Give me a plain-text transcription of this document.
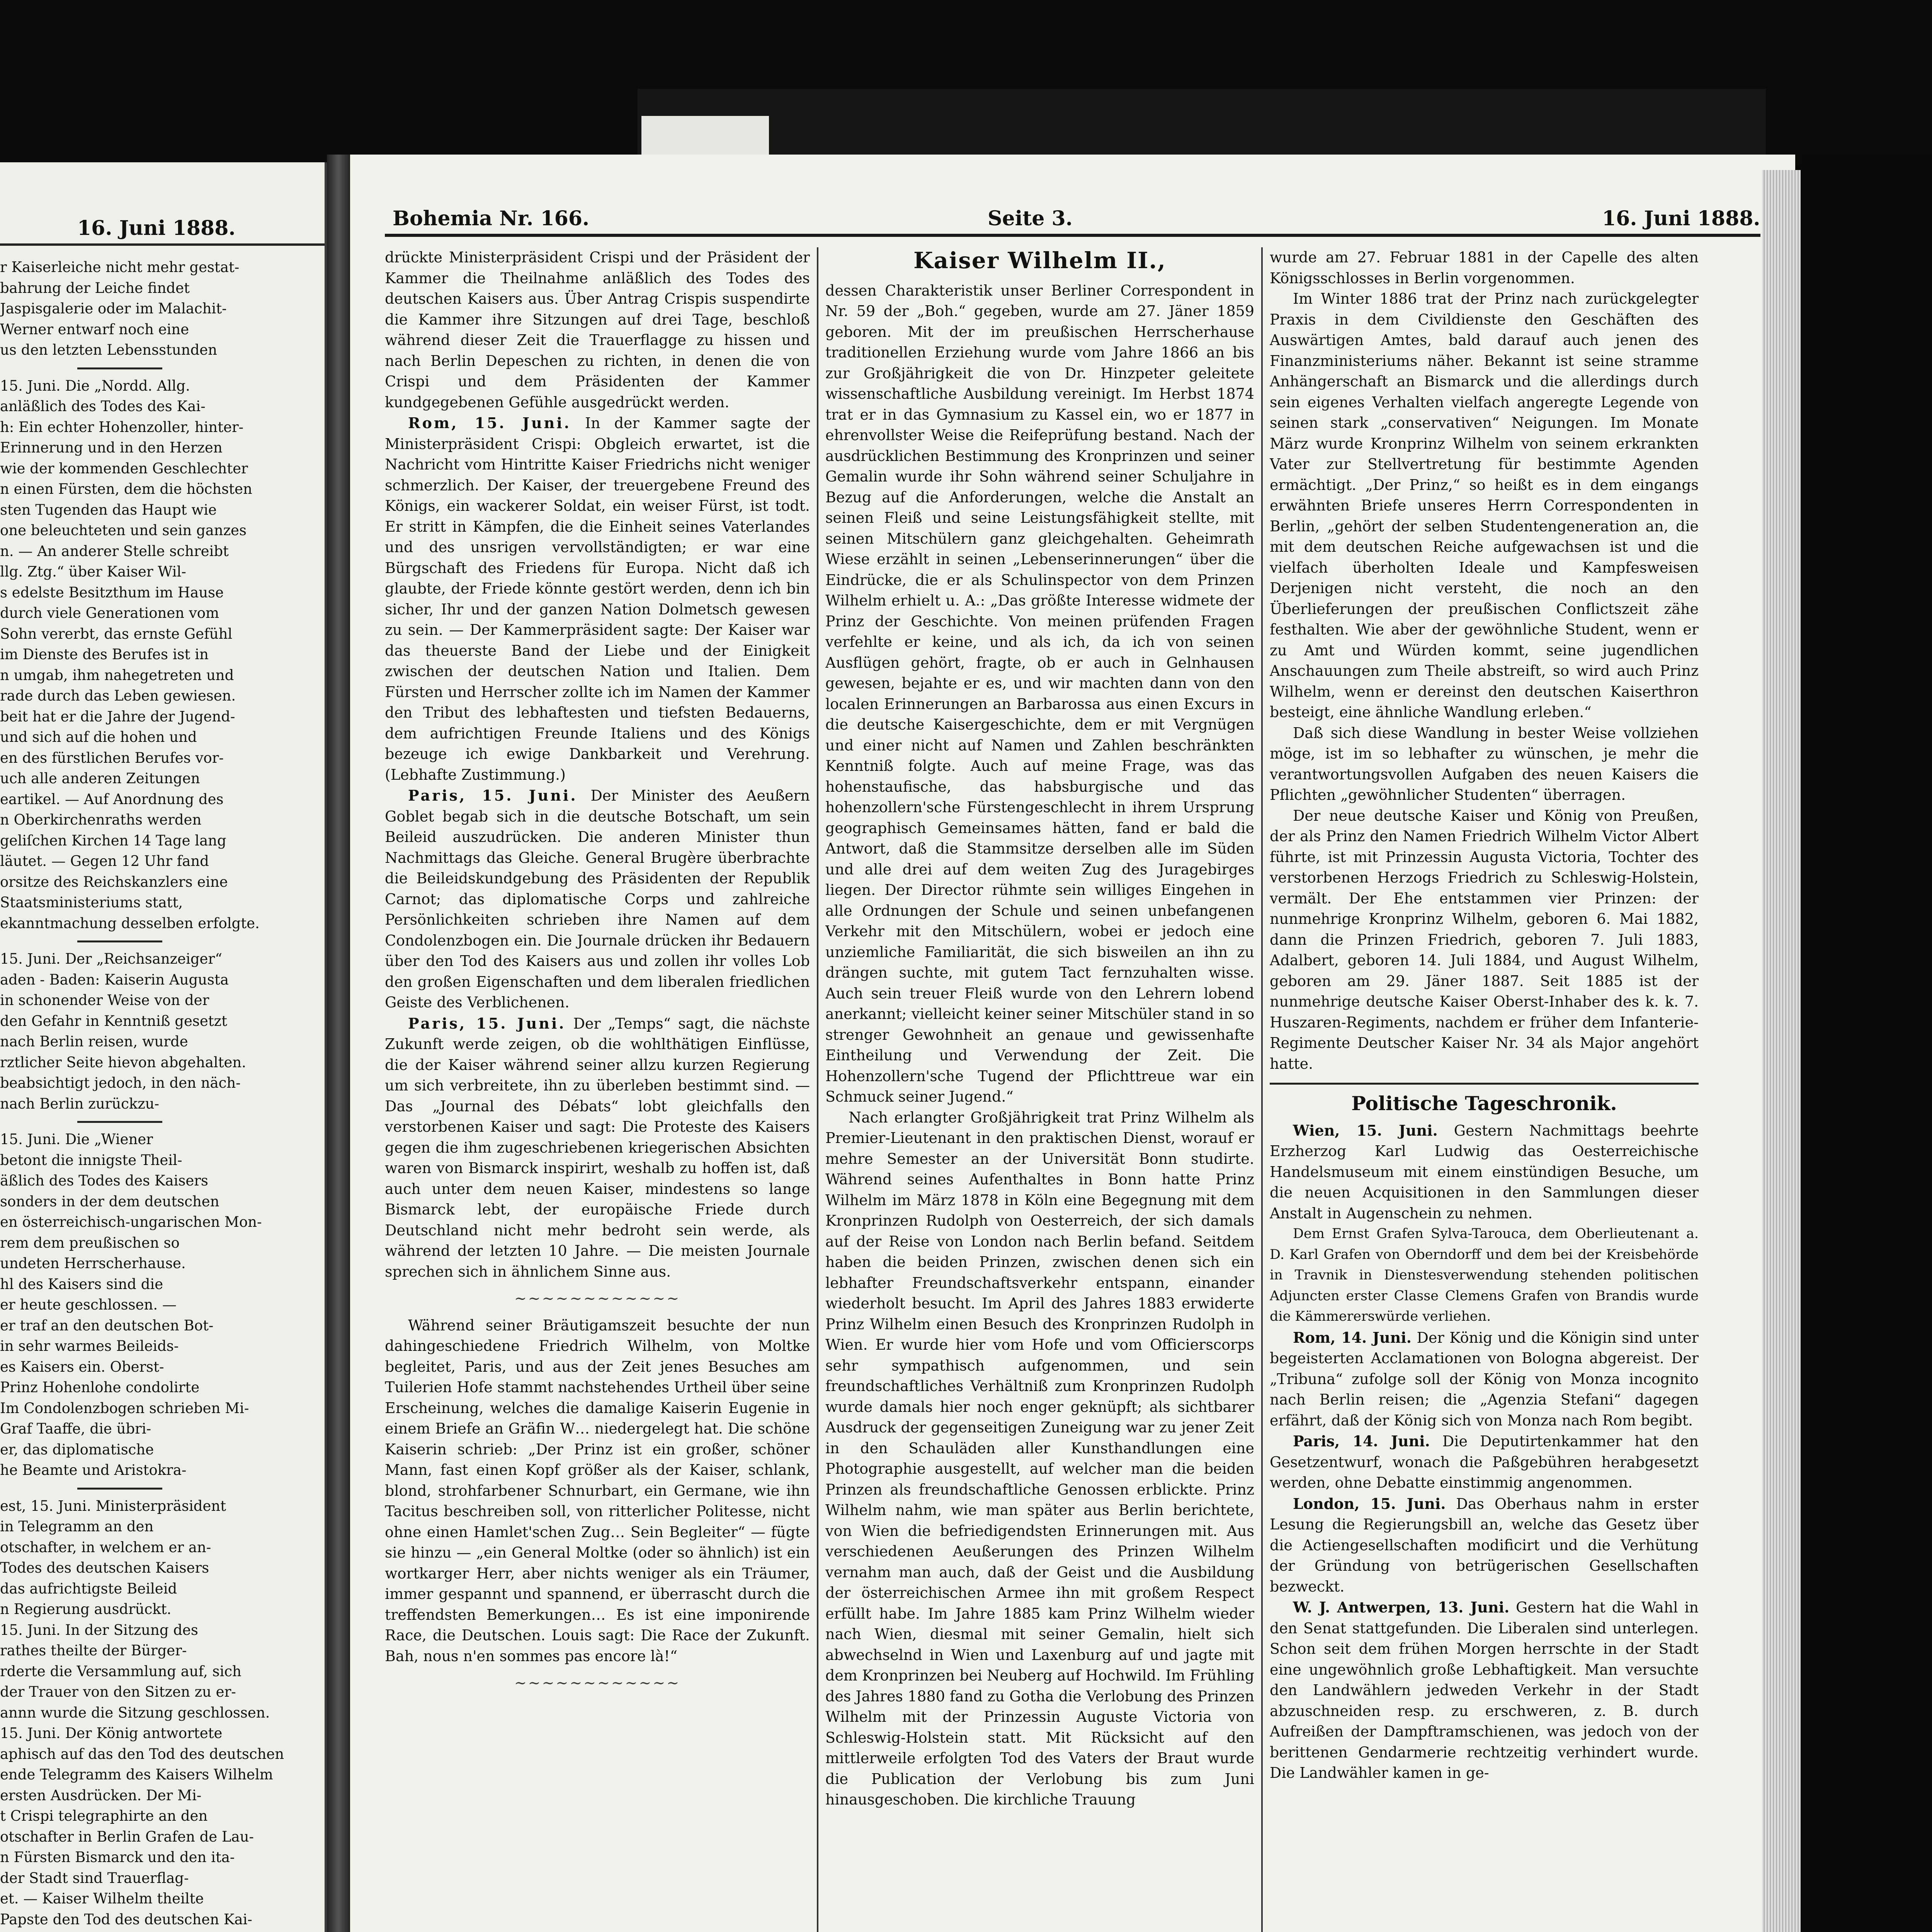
16. Juni 1888.
r Kaiserleiche nicht mehr gestat-
bahrung der Leiche findet
Jaspisgalerie oder im Malachit-
Werner entwarf noch eine
us den letzten Lebensstunden
15. Juni. Die „Nordd. Allg.
anläßlich des Todes des Kai-
h: Ein echter Hohenzoller, hinter-
Erinnerung und in den Herzen
wie der kommenden Geschlechter
n einen Fürsten, dem die höchsten
sten Tugenden das Haupt wie
one beleuchteten und sein ganzes
n. — An anderer Stelle schreibt
llg. Ztg.“ über Kaiser Wil-
s edelste Besitzthum im Hause
durch viele Generationen vom
Sohn vererbt, das ernste Gefühl
im Dienste des Berufes ist in
n umgab, ihm nahegetreten und
rade durch das Leben gewiesen.
beit hat er die Jahre der Jugend-
und sich auf die hohen und
en des fürstlichen Berufes vor-
uch alle anderen Zeitungen
eartikel. — Auf Anordnung des
n Oberkirchenraths werden
geliſchen Kirchen 14 Tage lang
läutet. — Gegen 12 Uhr fand
orsitze des Reichskanzlers eine
Staatsministeriums statt,
ekanntmachung desselben erfolgte.
15. Juni. Der „Reichsanzeiger“
aden - Baden: Kaiserin Augusta
in schonender Weise von der
den Gefahr in Kenntniß gesetzt
nach Berlin reisen, wurde
rztlicher Seite hievon abgehalten.
beabsichtigt jedoch, in den näch-
nach Berlin zurückzu-
15. Juni. Die „Wiener
betont die innigste Theil-
äßlich des Todes des Kaisers
sonders in der dem deutschen
en österreichisch-ungarischen Mon-
rem dem preußischen so
undeten Herrscherhause.
hl des Kaisers sind die
er heute geschlossen. —
er traf an den deutschen Bot-
in sehr warmes Beileids-
es Kaisers ein. Oberst-
Prinz Hohenlohe condolirte
Im Condolenzbogen schrieben Mi-
Graf Taaffe, die übri-
er, das diplomatische
he Beamte und Aristokra-
est, 15. Juni. Ministerpräsident
in Telegramm an den
otschafter, in welchem er an-
Todes des deutschen Kaisers
das aufrichtigste Beileid
n Regierung ausdrückt.
15. Juni. In der Sitzung des
rathes theilte der Bürger-
rderte die Versammlung auf, sich
der Trauer von den Sitzen zu er-
annn wurde die Sitzung geschlossen.
15. Juni. Der König antwortete
aphisch auf das den Tod des deutschen
ende Telegramm des Kaisers Wilhelm
ersten Ausdrücken. Der Mi-
t Crispi telegraphirte an den
otschafter in Berlin Grafen de Lau-
n Fürsten Bismarck und den ita-
der Stadt sind Trauerflag-
et. — Kaiser Wilhelm theilte
Papste den Tod des deutschen Kai-
Bohemia Nr. 166.	Seite 3.	16. Juni 1888.

drückte Ministerpräsident Crispi und der Präsident der Kammer die Theilnahme anläßlich des Todes des deutschen Kaisers aus. Über Antrag Crispis suspendirte die Kammer ihre Sitzungen auf drei Tage, beschloß während dieser Zeit die Trauerflagge zu hissen und nach Berlin Depeschen zu richten, in denen die von Crispi und dem Präsidenten der Kammer kundgegebenen Gefühle ausgedrückt werden.

Rom, 15. Juni. In der Kammer sagte der Ministerpräsident Crispi: Obgleich erwartet, ist die Nachricht vom Hintritte Kaiser Friedrichs nicht weniger schmerzlich. Der Kaiser, der treuergebene Freund des Königs, ein wackerer Soldat, ein weiser Fürst, ist todt. Er stritt in Kämpfen, die die Einheit seines Vaterlandes und des unsrigen vervollständigten; er war eine Bürgschaft des Friedens für Europa. Nicht daß ich glaubte, der Friede könnte gestört werden, denn ich bin sicher, Ihr und der ganzen Nation Dolmetsch gewesen zu sein. — Der Kammerpräsident sagte: Der Kaiser war das theuerste Band der Liebe und der Einigkeit zwischen der deutschen Nation und Italien. Dem Fürsten und Herrscher zollte ich im Namen der Kammer den Tribut des lebhaftesten und tiefsten Bedauerns, dem aufrichtigen Freunde Italiens und des Königs bezeuge ich ewige Dankbarkeit und Verehrung. (Lebhafte Zustimmung.)

Paris, 15. Juni. Der Minister des Aeußern Goblet begab sich in die deutsche Botschaft, um sein Beileid auszudrücken. Die anderen Minister thun Nachmittags das Gleiche. General Brugère überbrachte die Beileidskundgebung des Präsidenten der Republik Carnot; das diplomatische Corps und zahlreiche Persönlichkeiten schrieben ihre Namen auf dem Condolenzbogen ein. Die Journale drücken ihr Bedauern über den Tod des Kaisers aus und zollen ihr volles Lob den großen Eigenschaften und dem liberalen friedlichen Geiste des Verblichenen.

Paris, 15. Juni. Der „Temps“ sagt, die nächste Zukunft werde zeigen, ob die wohlthätigen Einflüsse, die der Kaiser während seiner allzu kurzen Regierung um sich verbreitete, ihn zu überleben bestimmt sind. — Das „Journal des Débats“ lobt gleichfalls den verstorbenen Kaiser und sagt: Die Proteste des Kaisers gegen die ihm zugeschriebenen kriegerischen Absichten waren von Bismarck inspirirt, weshalb zu hoffen ist, daß auch unter dem neuen Kaiser, mindestens so lange Bismarck lebt, der europäische Friede durch Deutschland nicht mehr bedroht sein werde, als während der letzten 10 Jahre. — Die meisten Journale sprechen sich in ähnlichem Sinne aus.

~~~~~~~~~~~~

Während seiner Bräutigamszeit besuchte der nun dahingeschiedene Friedrich Wilhelm, von Moltke begleitet, Paris, und aus der Zeit jenes Besuches am Tuilerien Hofe stammt nachstehendes Urtheil über seine Erscheinung, welches die damalige Kaiserin Eugenie in einem Briefe an Gräfin W… niedergelegt hat. Die schöne Kaiserin schrieb: „Der Prinz ist ein großer, schöner Mann, fast einen Kopf größer als der Kaiser, schlank, blond, strohfarbener Schnurbart, ein Germane, wie ihn Tacitus beschreiben soll, von ritterlicher Politesse, nicht ohne einen Hamlet'schen Zug… Sein Begleiter“ — fügte sie hinzu — „ein General Moltke (oder so ähnlich) ist ein wortkarger Herr, aber nichts weniger als ein Träumer, immer gespannt und spannend, er überrascht durch die treffendsten Bemerkungen… Es ist eine imponirende Race, die Deutschen. Louis sagt: Die Race der Zukunft. Bah, nous n'en sommes pas encore là!“

~~~~~~~~~~~~
Kaiser Wilhelm II.,

dessen Charakteristik unser Berliner Correspondent in Nr. 59 der „Boh.“ gegeben, wurde am 27. Jäner 1859 geboren. Mit der im preußischen Herrscherhause traditionellen Erziehung wurde vom Jahre 1866 an bis zur Großjährigkeit die von Dr. Hinzpeter geleitete wissenschaftliche Ausbildung vereinigt. Im Herbst 1874 trat er in das Gymnasium zu Kassel ein, wo er 1877 in ehrenvollster Weise die Reifeprüfung bestand. Nach der ausdrücklichen Bestimmung des Kronprinzen und seiner Gemalin wurde ihr Sohn während seiner Schuljahre in Bezug auf die Anforderungen, welche die Anstalt an seinen Fleiß und seine Leistungsfähigkeit stellte, mit seinen Mitschülern ganz gleichgehalten. Geheimrath Wiese erzählt in seinen „Lebenserinnerungen“ über die Eindrücke, die er als Schulinspector von dem Prinzen Wilhelm erhielt u. A.: „Das größte Interesse widmete der Prinz der Geschichte. Von meinen prüfenden Fragen verfehlte er keine, und als ich, da ich von seinen Ausflügen gehört, fragte, ob er auch in Gelnhausen gewesen, bejahte er es, und wir machten dann von den localen Erinnerungen an Barbarossa aus einen Excurs in die deutsche Kaisergeschichte, dem er mit Vergnügen und einer nicht auf Namen und Zahlen beschränkten Kenntniß folgte. Auch auf meine Frage, was das hohenstaufische, das habsburgische und das hohenzollern'sche Fürstengeschlecht in ihrem Ursprung geographisch Gemeinsames hätten, fand er bald die Antwort, daß die Stammsitze derselben alle im Süden und alle drei auf dem weiten Zug des Juragebirges liegen. Der Director rühmte sein williges Eingehen in alle Ordnungen der Schule und seinen unbefangenen Verkehr mit den Mitschülern, wobei er jedoch eine unziemliche Familiarität, die sich bisweilen an ihn zu drängen suchte, mit gutem Tact fernzuhalten wisse. Auch sein treuer Fleiß wurde von den Lehrern lobend anerkannt; vielleicht keiner seiner Mitschüler stand in so strenger Gewohnheit an genaue und gewissenhafte Eintheilung und Verwendung der Zeit. Die Hohenzollern'sche Tugend der Pflichttreue war ein Schmuck seiner Jugend.“

Nach erlangter Großjährigkeit trat Prinz Wilhelm als Premier-Lieutenant in den praktischen Dienst, worauf er mehre Semester an der Universität Bonn studirte. Während seines Aufenthaltes in Bonn hatte Prinz Wilhelm im März 1878 in Köln eine Begegnung mit dem Kronprinzen Rudolph von Oesterreich, der sich damals auf der Reise von London nach Berlin befand. Seitdem haben die beiden Prinzen, zwischen denen sich ein lebhafter Freundschaftsverkehr entspann, einander wiederholt besucht. Im April des Jahres 1883 erwiderte Prinz Wilhelm einen Besuch des Kronprinzen Rudolph in Wien. Er wurde hier vom Hofe und vom Officierscorps sehr sympathisch aufgenommen, und sein freundschaftliches Verhältniß zum Kronprinzen Rudolph wurde damals hier noch enger geknüpft; als sichtbarer Ausdruck der gegenseitigen Zuneigung war zu jener Zeit in den Schauläden aller Kunsthandlungen eine Photographie ausgestellt, auf welcher man die beiden Prinzen als freundschaftliche Genossen erblickte. Prinz Wilhelm nahm, wie man später aus Berlin berichtete, von Wien die befriedigendsten Erinnerungen mit. Aus verschiedenen Aeußerungen des Prinzen Wilhelm vernahm man auch, daß der Geist und die Ausbildung der österreichischen Armee ihn mit großem Respect erfüllt habe. Im Jahre 1885 kam Prinz Wilhelm wieder nach Wien, diesmal mit seiner Gemalin, hielt sich abwechselnd in Wien und Laxenburg auf und jagte mit dem Kronprinzen bei Neuberg auf Hochwild. Im Frühling des Jahres 1880 fand zu Gotha die Verlobung des Prinzen Wilhelm mit der Prinzessin Auguste Victoria von Schleswig-Holstein statt. Mit Rücksicht auf den mittlerweile erfolgten Tod des Vaters der Braut wurde die Publication der Verlobung bis zum Juni hinausgeschoben. Die kirchliche Trauung

wurde am 27. Februar 1881 in der Capelle des alten Königsschlosses in Berlin vorgenommen.

Im Winter 1886 trat der Prinz nach zurückgelegter Praxis in dem Civildienste den Geschäften des Auswärtigen Amtes, bald darauf auch jenen des Finanzministeriums näher. Bekannt ist seine stramme Anhängerschaft an Bismarck und die allerdings durch sein eigenes Verhalten vielfach angeregte Legende von seinen stark „conservativen“ Neigungen. Im Monate März wurde Kronprinz Wilhelm von seinem erkrankten Vater zur Stellvertretung für bestimmte Agenden ermächtigt. „Der Prinz,“ so heißt es in dem eingangs erwähnten Briefe unseres Herrn Correspondenten in Berlin, „gehört der selben Studentengeneration an, die mit dem deutschen Reiche aufgewachsen ist und die vielfach überholten Ideale und Kampfesweisen Derjenigen nicht versteht, die noch an den Überlieferungen der preußischen Conflictszeit zähe festhalten. Wie aber der gewöhnliche Student, wenn er zu Amt und Würden kommt, seine jugendlichen Anschauungen zum Theile abstreift, so wird auch Prinz Wilhelm, wenn er dereinst den deutschen Kaiserthron besteigt, eine ähnliche Wandlung erleben.“

Daß sich diese Wandlung in bester Weise vollziehen möge, ist im so lebhafter zu wünschen, je mehr die verantwortungsvollen Aufgaben des neuen Kaisers die Pflichten „gewöhnlicher Studenten“ überragen.

Der neue deutsche Kaiser und König von Preußen, der als Prinz den Namen Friedrich Wilhelm Victor Albert führte, ist mit Prinzessin Augusta Victoria, Tochter des verstorbenen Herzogs Friedrich zu Schleswig-Holstein, vermält. Der Ehe entstammen vier Prinzen: der nunmehrige Kronprinz Wilhelm, geboren 6. Mai 1882, dann die Prinzen Friedrich, geboren 7. Juli 1883, Adalbert, geboren 14. Juli 1884, und August Wilhelm, geboren am 29. Jäner 1887. Seit 1885 ist der nunmehrige deutsche Kaiser Oberst-Inhaber des k. k. 7. Huszaren-Regiments, nachdem er früher dem Infanterie-Regimente Deutscher Kaiser Nr. 34 als Major angehört hatte.

Politische Tageschronik.

Wien, 15. Juni. Gestern Nachmittags beehrte Erzherzog Karl Ludwig das Oesterreichische Handelsmuseum mit einem einstündigen Besuche, um die neuen Acquisitionen in den Sammlungen dieser Anstalt in Augenschein zu nehmen.

Dem Ernst Grafen Sylva-Tarouca, dem Oberlieutenant a. D. Karl Grafen von Oberndorff und dem bei der Kreisbehörde in Travnik in Dienstesverwendung stehenden politischen Adjuncten erster Classe Clemens Grafen von Brandis wurde die Kämmererswürde verliehen.

Rom, 14. Juni. Der König und die Königin sind unter begeisterten Acclamationen von Bologna abgereist. Der „Tribuna“ zufolge soll der König von Monza incognito nach Berlin reisen; die „Agenzia Stefani“ dagegen erfährt, daß der König sich von Monza nach Rom begibt.

Paris, 14. Juni. Die Deputirtenkammer hat den Gesetzentwurf, wonach die Paßgebühren herabgesetzt werden, ohne Debatte einstimmig angenommen.

London, 15. Juni. Das Oberhaus nahm in erster Lesung die Regierungsbill an, welche das Gesetz über die Actiengesellschaften modificirt und die Verhütung der Gründung von betrügerischen Gesellschaften bezweckt.

W. J. Antwerpen, 13. Juni. Gestern hat die Wahl in den Senat stattgefunden. Die Liberalen sind unterlegen. Schon seit dem frühen Morgen herrschte in der Stadt eine ungewöhnlich große Lebhaftigkeit. Man versuchte den Landwählern jedweden Verkehr in der Stadt abzuschneiden resp. zu erschweren, z. B. durch Aufreißen der Dampftramschienen, was jedoch von der berittenen Gendarmerie rechtzeitig verhindert wurde. Die Landwähler kamen in ge-
